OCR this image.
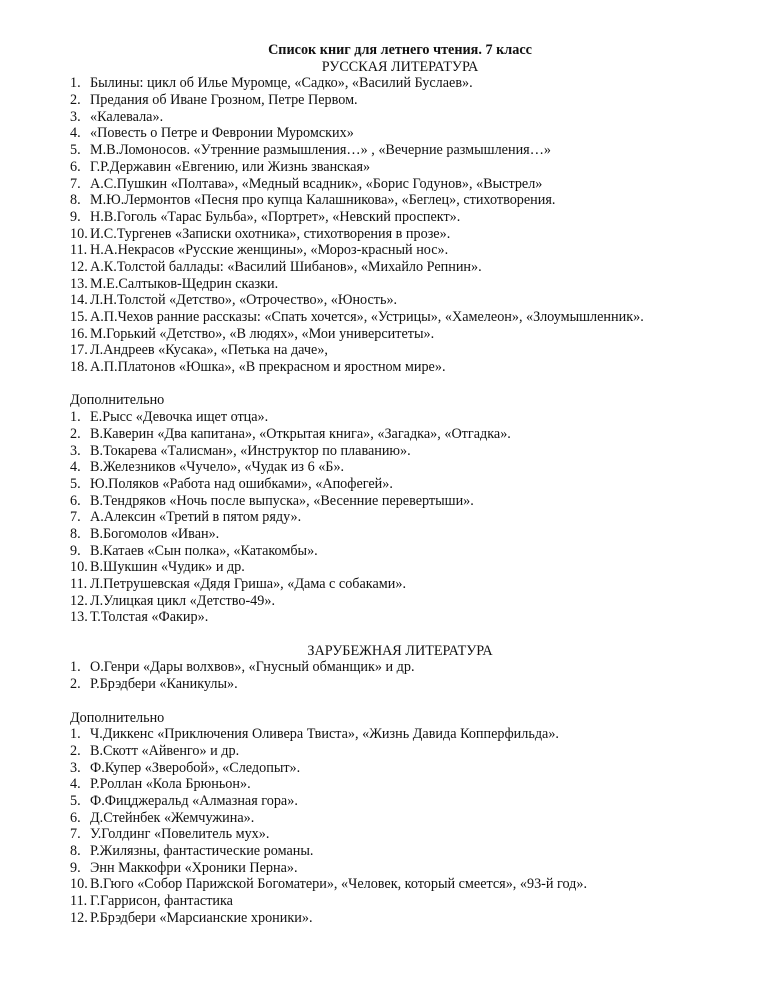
Список книг для летнего чтения. 7 класс
РУССКАЯ ЛИТЕРАТУРА
1. Былины: цикл об Илье Муромце, «Садко», «Василий Буслаев».
2. Предания об Иване Грозном, Петре Первом.
3. «Калевала».
4. «Повесть о Петре и Февронии Муромских»
5. М.В.Ломоносов. «Утренние размышления…» , «Вечерние размышления…»
6. Г.Р.Державин «Евгению, или Жизнь званская»
7. А.С.Пушкин «Полтава», «Медный всадник», «Борис Годунов», «Выстрел»
8. М.Ю.Лермонтов «Песня про купца Калашникова», «Беглец», стихотворения.
9. Н.В.Гоголь «Тарас Бульба», «Портрет», «Невский проспект».
10. И.С.Тургенев «Записки охотника», стихотворения в прозе».
11. Н.А.Некрасов «Русские женщины», «Мороз-красный нос».
12. А.К.Толстой баллады: «Василий Шибанов», «Михайло Репнин».
13. М.Е.Салтыков-Щедрин сказки.
14. Л.Н.Толстой «Детство», «Отрочество», «Юность».
15. А.П.Чехов ранние рассказы: «Спать хочется», «Устрицы», «Хамелеон», «Злоумышленник».
16. М.Горький «Детство», «В людях», «Мои университеты».
17. Л.Андреев «Кусака», «Петька на даче»,
18. А.П.Платонов «Юшка», «В прекрасном и яростном мире».
Дополнительно
1. Е.Рысс «Девочка ищет отца».
2. В.Каверин «Два капитана», «Открытая книга», «Загадка», «Отгадка».
3. В.Токарева «Талисман», «Инструктор по плаванию».
4. В.Железников «Чучело», «Чудак из 6 «Б».
5. Ю.Поляков «Работа над ошибками», «Апофегей».
6. В.Тендряков «Ночь после выпуска», «Весенние перевертыши».
7. А.Алексин «Третий в пятом ряду».
8. В.Богомолов «Иван».
9. В.Катаев «Сын полка», «Катакомбы».
10. В.Шукшин «Чудик» и др.
11. Л.Петрушевская «Дядя Гриша», «Дама с собаками».
12. Л.Улицкая цикл «Детство-49».
13. Т.Толстая «Факир».
ЗАРУБЕЖНАЯ ЛИТЕРАТУРА
1. О.Генри «Дары волхвов», «Гнусный обманщик» и др.
2. Р.Брэдбери «Каникулы».
Дополнительно
1. Ч.Диккенс «Приключения Оливера Твиста», «Жизнь Давида Копперфильда».
2. В.Скотт «Айвенго» и др.
3. Ф.Купер «Зверобой», «Следопыт».
4. Р.Роллан «Кола Брюньон».
5. Ф.Фицджеральд «Алмазная гора».
6. Д.Стейнбек «Жемчужина».
7. У.Голдинг «Повелитель мух».
8. Р.Жилязны, фантастические романы.
9. Энн Маккофри «Хроники Перна».
10. В.Гюго «Собор Парижской Богоматери», «Человек, который смеется», «93-й год».
11. Г.Гаррисон, фантастика
12. Р.Брэдбери «Марсианские хроники».
